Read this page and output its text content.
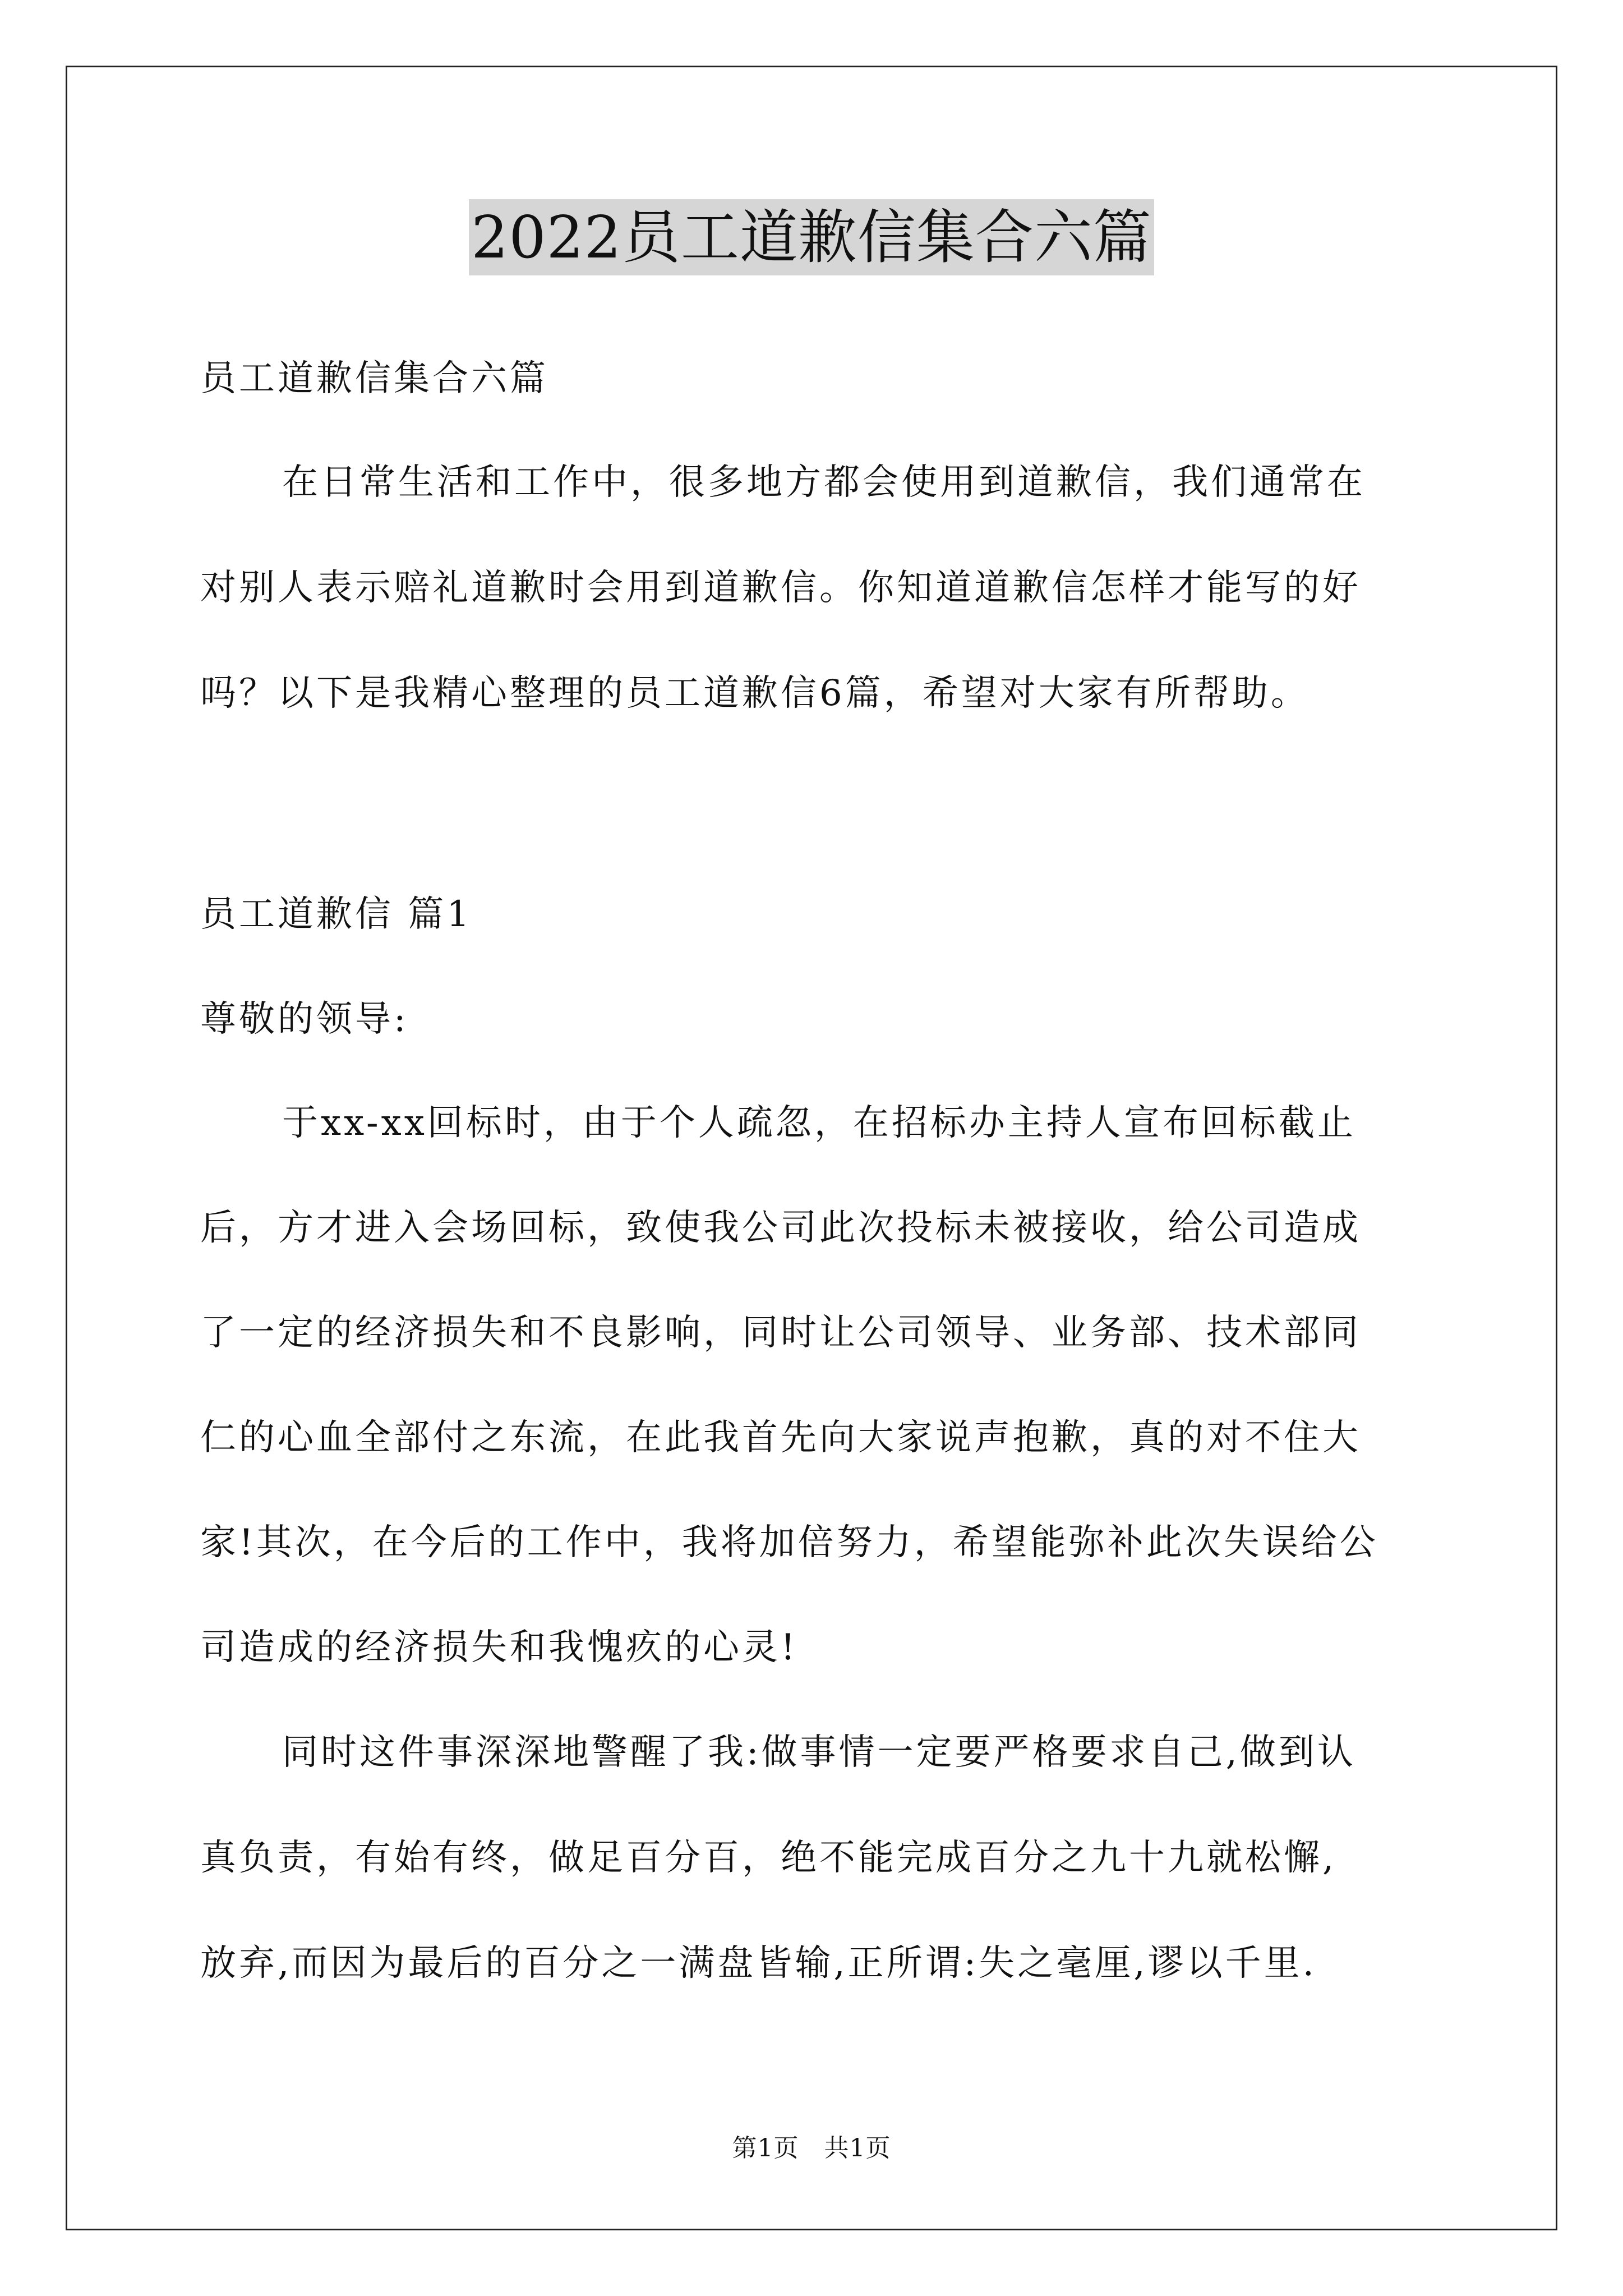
2022员工道歉信集合六篇
员工道歉信集合六篇
在日常生活和工作中，很多地方都会使用到道歉信，我们通常在
对别人表示赔礼道歉时会用到道歉信。你知道道歉信怎样才能写的好
吗？以下是我精心整理的员工道歉信6篇，希望对大家有所帮助。
员工道歉信 篇1
尊敬的领导:
于xx-xx回标时，由于个人疏忽，在招标办主持人宣布回标截止
后，方才进入会场回标，致使我公司此次投标未被接收，给公司造成
了一定的经济损失和不良影响，同时让公司领导、业务部、技术部同
仁的心血全部付之东流，在此我首先向大家说声抱歉，真的对不住大
家!其次，在今后的工作中，我将加倍努力，希望能弥补此次失误给公
司造成的经济损失和我愧疚的心灵!
同时这件事深深地警醒了我:做事情一定要严格要求自己,做到认
真负责，有始有终，做足百分百，绝不能完成百分之九十九就松懈,
放弃,而因为最后的百分之一满盘皆输,正所谓:失之毫厘,谬以千里.
第1页   共1页
